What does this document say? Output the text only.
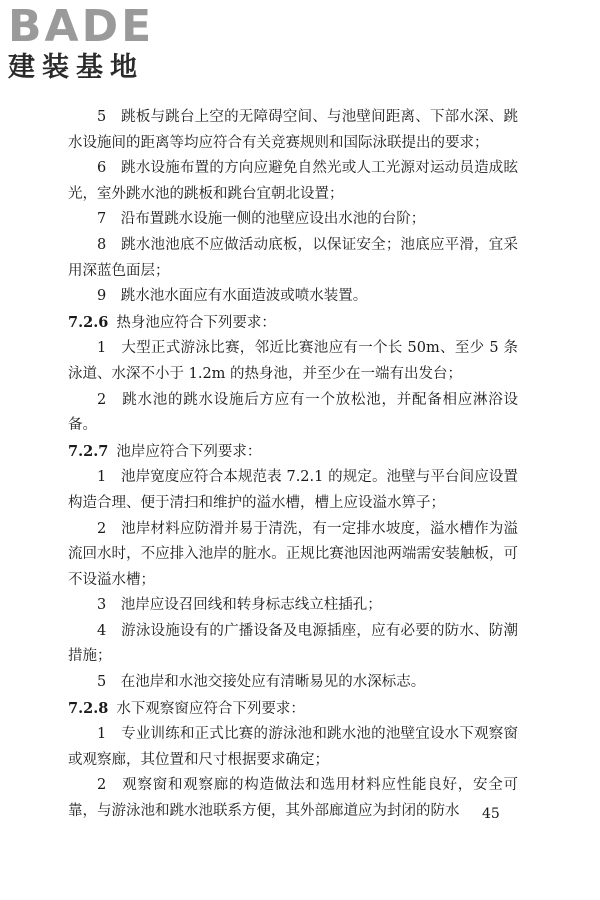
BADE
建装基地

5　跳板与跳台上空的无障碍空间、与池壁间距离、下部水深、跳水设施间的距离等均应符合有关竞赛规则和国际泳联提出的要求；

6　跳水设施布置的方向应避免自然光或人工光源对运动员造成眩光，室外跳水池的跳板和跳台宜朝北设置；

7　沿布置跳水设施一侧的池壁应设出水池的台阶；

8　跳水池池底不应做活动底板，以保证安全；池底应平滑，宜采用深蓝色面层；

9　跳水池水面应有水面造波或喷水装置。

7.2.6 热身池应符合下列要求：

1　大型正式游泳比赛，邻近比赛池应有一个长 50m、至少 5 条泳道、水深不小于 1.2m 的热身池，并至少在一端有出发台；

2　跳水池的跳水设施后方应有一个放松池，并配备相应淋浴设备。

7.2.7 池岸应符合下列要求：

1　池岸宽度应符合本规范表 7.2.1 的规定。池壁与平台间应设置构造合理、便于清扫和维护的溢水槽，槽上应设溢水箅子；

2　池岸材料应防滑并易于清洗，有一定排水坡度，溢水槽作为溢流回水时，不应排入池岸的脏水。正规比赛池因池两端需安装触板，可不设溢水槽；

3　池岸应设召回线和转身标志线立柱插孔；

4　游泳设施设有的广播设备及电源插座，应有必要的防水、防潮措施；

5　在池岸和水池交接处应有清晰易见的水深标志。

7.2.8 水下观察窗应符合下列要求：

1　专业训练和正式比赛的游泳池和跳水池的池壁宜设水下观察窗或观察廊，其位置和尺寸根据要求确定；

2　观察窗和观察廊的构造做法和选用材料应性能良好，安全可靠，与游泳池和跳水池联系方便，其外部廊道应为封闭的防水	45
